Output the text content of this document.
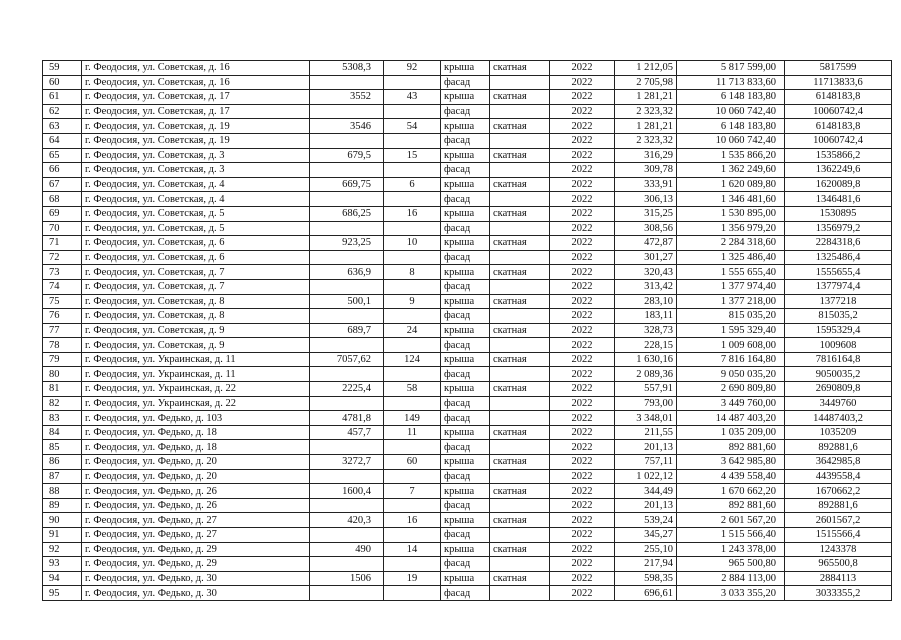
59	г. Феодосия, ул. Советская, д. 16	5308,3	92	крыша	скатная	2022	1 212,05	5 817 599,00	5817599
60	г. Феодосия, ул. Советская, д. 16			фасад		2022	2 705,98	11 713 833,60	11713833,6
61	г. Феодосия, ул. Советская, д. 17	3552	43	крыша	скатная	2022	1 281,21	6 148 183,80	6148183,8
62	г. Феодосия, ул. Советская, д. 17			фасад		2022	2 323,32	10 060 742,40	10060742,4
63	г. Феодосия, ул. Советская, д. 19	3546	54	крыша	скатная	2022	1 281,21	6 148 183,80	6148183,8
64	г. Феодосия, ул. Советская, д. 19			фасад		2022	2 323,32	10 060 742,40	10060742,4
65	г. Феодосия, ул. Советская, д. 3	679,5	15	крыша	скатная	2022	316,29	1 535 866,20	1535866,2
66	г. Феодосия, ул. Советская, д. 3			фасад		2022	309,78	1 362 249,60	1362249,6
67	г. Феодосия, ул. Советская, д. 4	669,75	6	крыша	скатная	2022	333,91	1 620 089,80	1620089,8
68	г. Феодосия, ул. Советская, д. 4			фасад		2022	306,13	1 346 481,60	1346481,6
69	г. Феодосия, ул. Советская, д. 5	686,25	16	крыша	скатная	2022	315,25	1 530 895,00	1530895
70	г. Феодосия, ул. Советская, д. 5			фасад		2022	308,56	1 356 979,20	1356979,2
71	г. Феодосия, ул. Советская, д. 6	923,25	10	крыша	скатная	2022	472,87	2 284 318,60	2284318,6
72	г. Феодосия, ул. Советская, д. 6			фасад		2022	301,27	1 325 486,40	1325486,4
73	г. Феодосия, ул. Советская, д. 7	636,9	8	крыша	скатная	2022	320,43	1 555 655,40	1555655,4
74	г. Феодосия, ул. Советская, д. 7			фасад		2022	313,42	1 377 974,40	1377974,4
75	г. Феодосия, ул. Советская, д. 8	500,1	9	крыша	скатная	2022	283,10	1 377 218,00	1377218
76	г. Феодосия, ул. Советская, д. 8			фасад		2022	183,11	815 035,20	815035,2
77	г. Феодосия, ул. Советская, д. 9	689,7	24	крыша	скатная	2022	328,73	1 595 329,40	1595329,4
78	г. Феодосия, ул. Советская, д. 9			фасад		2022	228,15	1 009 608,00	1009608
79	г. Феодосия, ул. Украинская, д. 11	7057,62	124	крыша	скатная	2022	1 630,16	7 816 164,80	7816164,8
80	г. Феодосия, ул. Украинская, д. 11			фасад		2022	2 089,36	9 050 035,20	9050035,2
81	г. Феодосия, ул. Украинская, д. 22	2225,4	58	крыша	скатная	2022	557,91	2 690 809,80	2690809,8
82	г. Феодосия, ул. Украинская, д. 22			фасад		2022	793,00	3 449 760,00	3449760
83	г. Феодосия, ул. Федько, д. 103	4781,8	149	фасад		2022	3 348,01	14 487 403,20	14487403,2
84	г. Феодосия, ул. Федько, д. 18	457,7	11	крыша	скатная	2022	211,55	1 035 209,00	1035209
85	г. Феодосия, ул. Федько, д. 18			фасад		2022	201,13	892 881,60	892881,6
86	г. Феодосия, ул. Федько, д. 20	3272,7	60	крыша	скатная	2022	757,11	3 642 985,80	3642985,8
87	г. Феодосия, ул. Федько, д. 20			фасад		2022	1 022,12	4 439 558,40	4439558,4
88	г. Феодосия, ул. Федько, д. 26	1600,4	7	крыша	скатная	2022	344,49	1 670 662,20	1670662,2
89	г. Феодосия, ул. Федько, д. 26			фасад		2022	201,13	892 881,60	892881,6
90	г. Феодосия, ул. Федько, д. 27	420,3	16	крыша	скатная	2022	539,24	2 601 567,20	2601567,2
91	г. Феодосия, ул. Федько, д. 27			фасад		2022	345,27	1 515 566,40	1515566,4
92	г. Феодосия, ул. Федько, д. 29	490	14	крыша	скатная	2022	255,10	1 243 378,00	1243378
93	г. Феодосия, ул. Федько, д. 29			фасад		2022	217,94	965 500,80	965500,8
94	г. Феодосия, ул. Федько, д. 30	1506	19	крыша	скатная	2022	598,35	2 884 113,00	2884113
95	г. Феодосия, ул. Федько, д. 30			фасад		2022	696,61	3 033 355,20	3033355,2
